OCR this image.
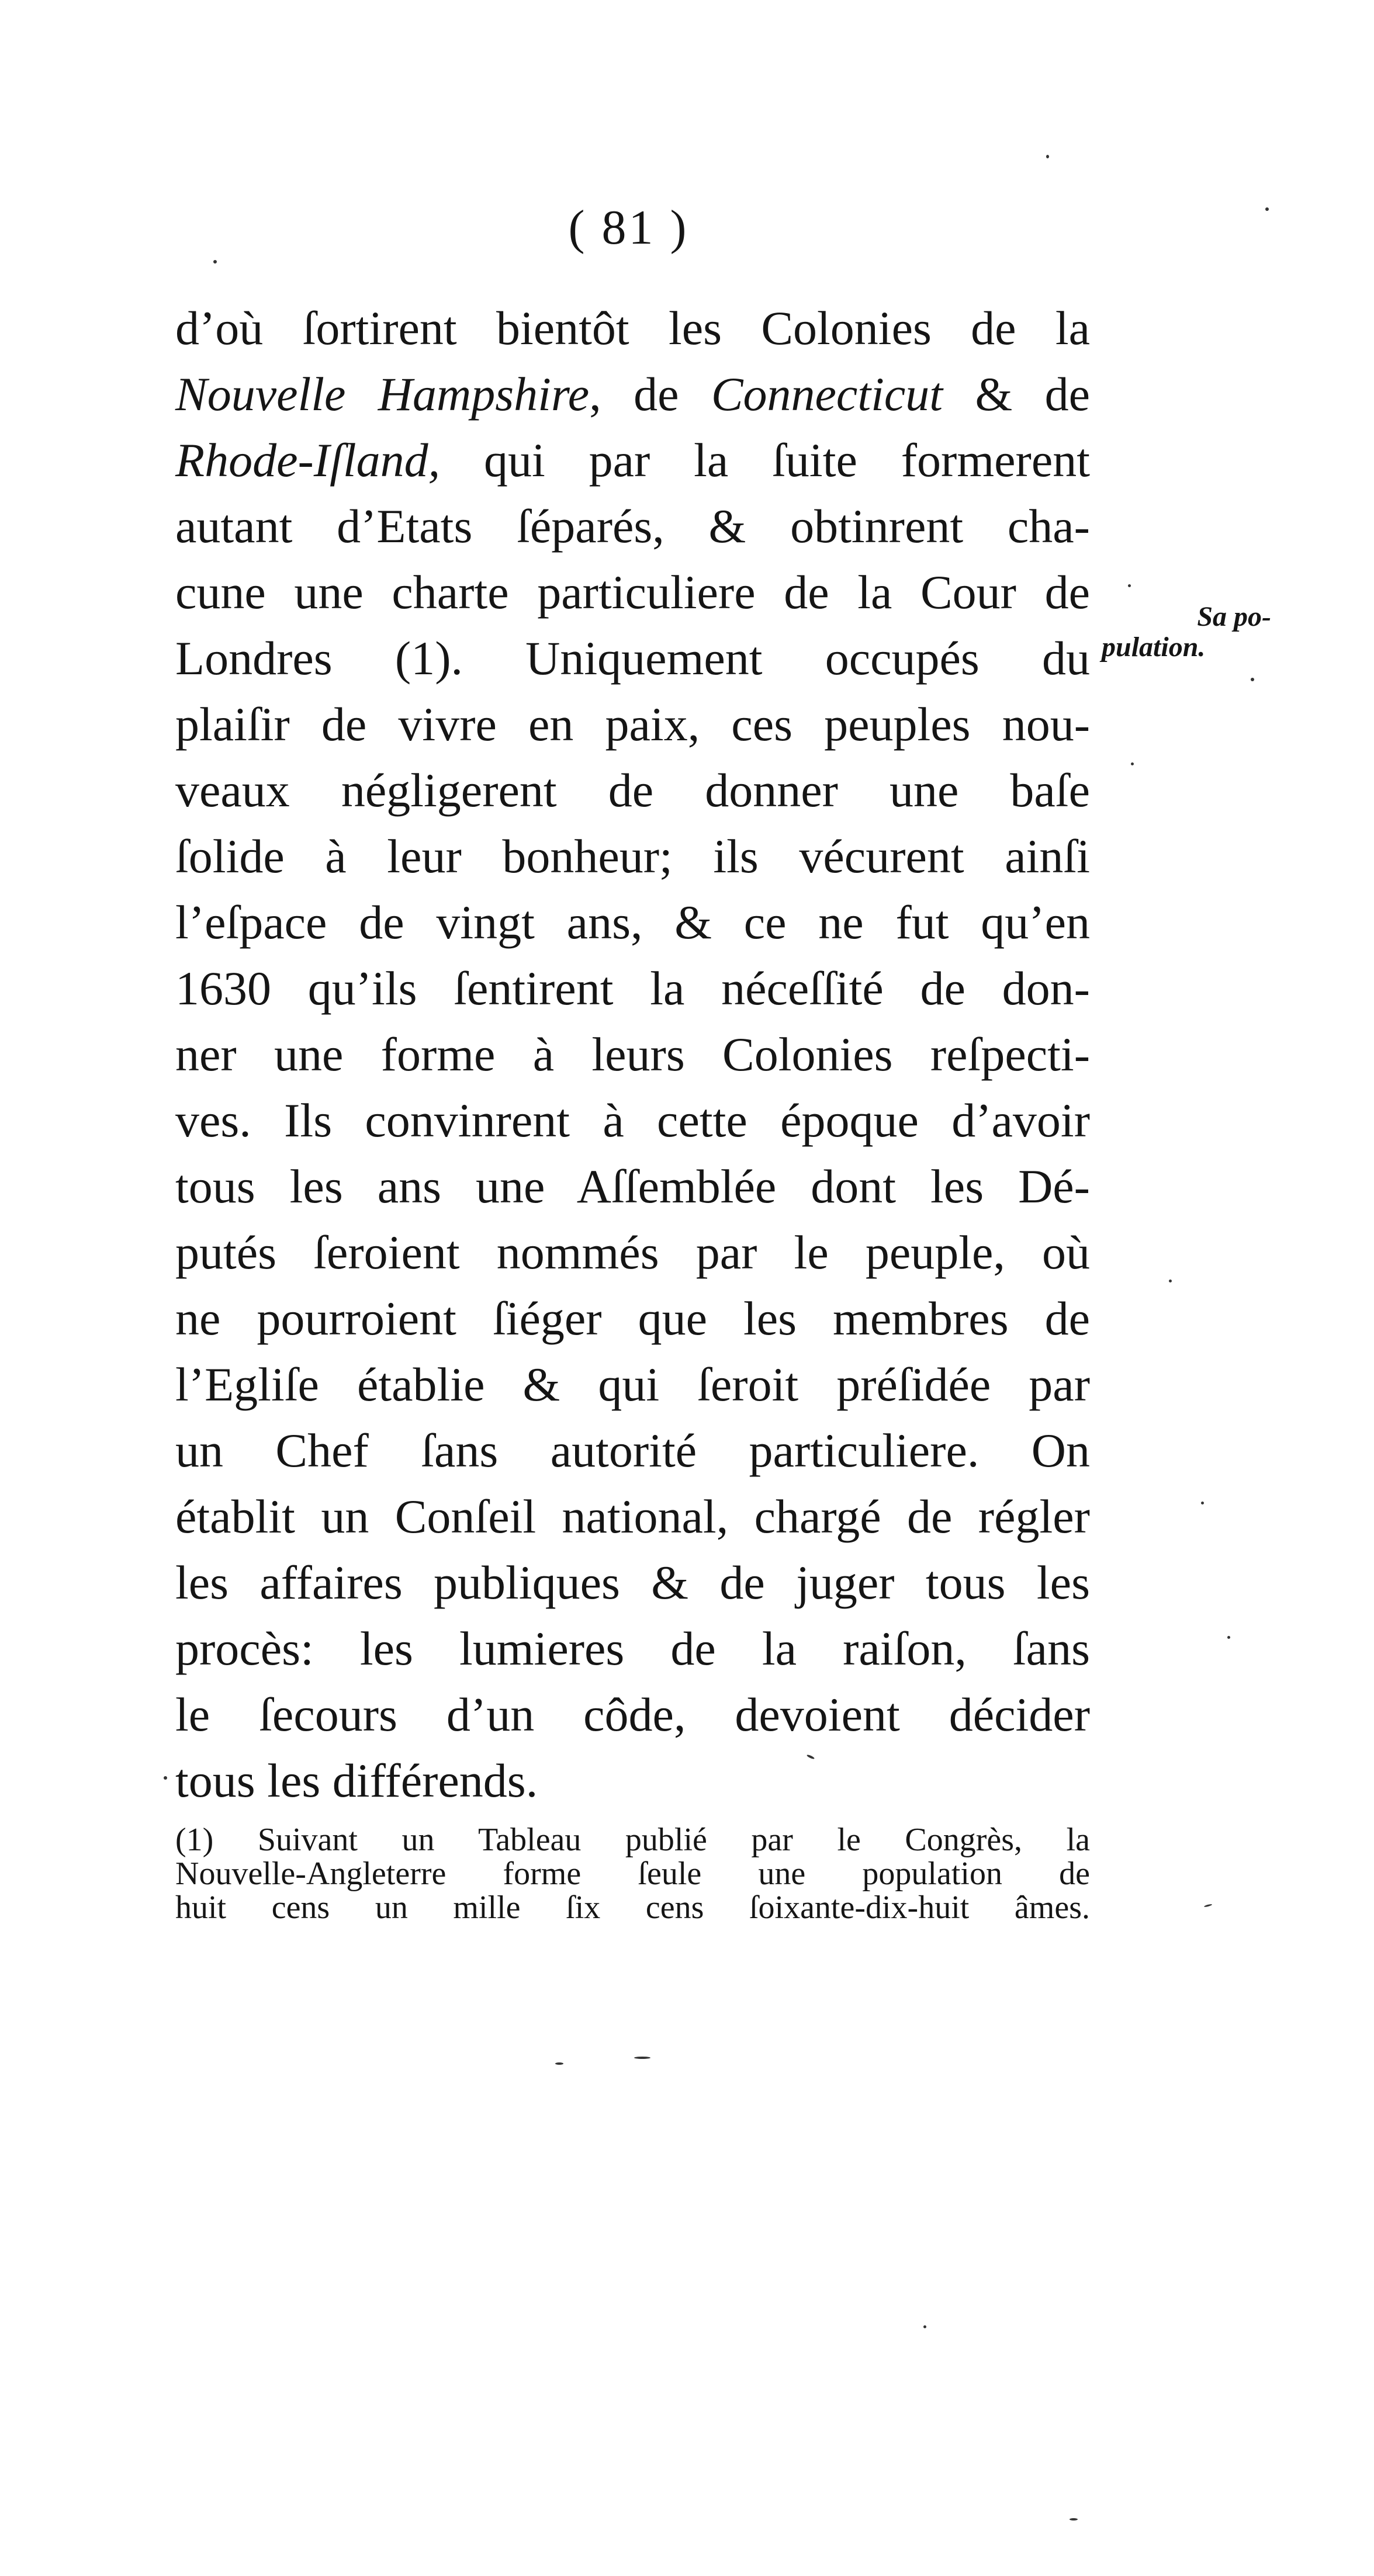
( 81 )
d’où ſortirent bientôt les Colonies de la
Nouvelle Hampshire, de Connecticut & de
Rhode-Iſland, qui par la ſuite formerent
autant d’Etats ſéparés, & obtinrent cha-
cune une charte particuliere de la Cour de
Londres (1). Uniquement occupés du
plaiſir de vivre en paix, ces peuples nou-
veaux négligerent de donner une baſe
ſolide à leur bonheur; ils vécurent ainſi
l’eſpace de vingt ans, & ce ne fut qu’en
1630 qu’ils ſentirent la néceſſité de don-
ner une forme à leurs Colonies reſpecti-
ves. Ils convinrent à cette époque d’avoir
tous les ans une Aſſemblée dont les Dé-
putés ſeroient nommés par le peuple, où
ne pourroient ſiéger que les membres de
l’Egliſe établie & qui ſeroit préſidée par
un Chef ſans autorité particuliere. On
établit un Conſeil national, chargé de régler
les affaires publiques & de juger tous les
procès: les lumieres de la raiſon, ſans
le ſecours d’un côde, devoient décider
tous les différends.
Sa po-
pulation.
(1) Suivant un Tableau publié par le Congrès, la
Nouvelle-Angleterre forme ſeule une population de
huit cens un mille ſix cens ſoixante-dix-huit âmes.
